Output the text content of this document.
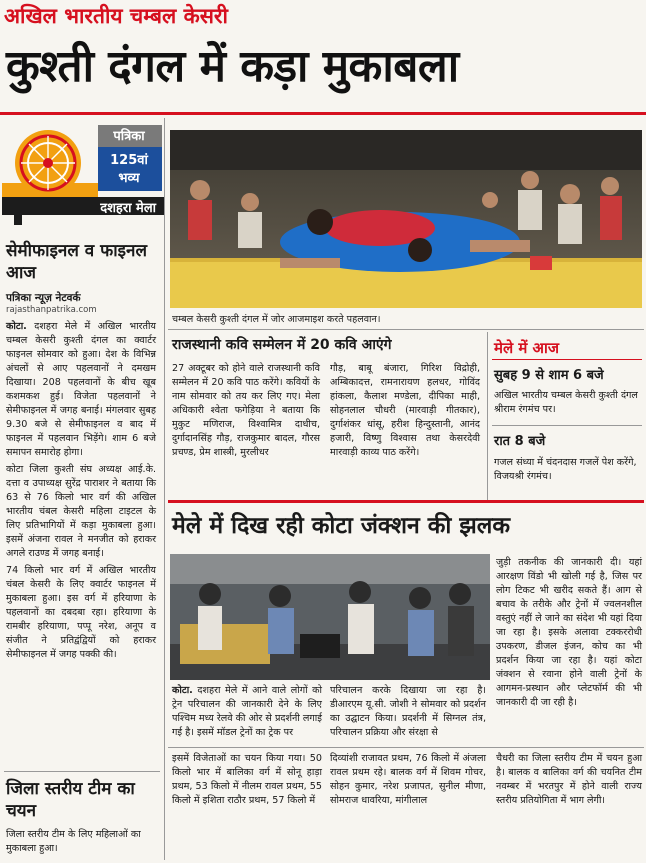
अखिल भारतीय चम्बल केसरी
कुश्ती दंगल में कड़ा मुकाबला
पत्रिका
125वां
भव्य
दशहरा मेला
सेमीफाइनल व फाइनल आज
पत्रिका न्यूज़ नेटवर्क
rajasthanpatrika.com

कोटा. दशहरा मेले में अखिल भारतीय चम्बल केसरी कुश्ती दंगल का क्वार्टर फाइनल सोमवार को हुआ। देश के विभिन्न अंचलों से आए पहलवानों ने दमखम दिखाया। 208 पहलवानों के बीच खूब कशमकश हुई। विजेता पहलवानों ने सेमीफाइनल में जगह बनाई। मंगलवार सुबह 9.30 बजे से सेमीफाइनल व बाद में फाइनल में पहलवान भिड़ेंगे। शाम 6 बजे समापन समारोह होगा।

कोटा जिला कुश्ती संघ अध्यक्ष आई.के. दत्ता व उपाध्यक्ष सुरेंद्र पाराशर ने बताया कि 63 से 76 किलो भार वर्ग की अखिल भारतीय चंबल केसरी महिला टाइटल के लिए प्रतिभागियों में कड़ा मुकाबला हुआ। इसमें अंजना रावल ने मनजीत को हराकर अगले राउण्ड में जगह बनाई।

74 किलो भार वर्ग में अखिल भारतीय चंबल केसरी के लिए क्वार्टर फाइनल में मुकाबला हुआ। इस वर्ग में हरियाणा के पहलवानों का दबदबा रहा। हरियाणा के रामबीर हरियाणा, पप्पू नरेश, अनूप व संजीत ने प्रतिद्वंद्वियों को हराकर सेमीफाइनल में जगह पक्की की।

जिला स्तरीय टीम का चयन
जिला स्तरीय टीम के लिए महिलाओं का मुकाबला हुआ।
चम्बल केसरी कुश्ती दंगल में जोर आजमाइश करते पहलवान।
राजस्थानी कवि सम्मेलन में 20 कवि आएंगे

27 अक्टूबर को होने वाले राजस्थानी कवि सम्मेलन में 20 कवि पाठ करेंगे। कवियों के नाम सोमवार को तय कर लिए गए। मेला अधिकारी श्वेता फगेड़िया ने बताया कि मुकुट मणिराज, विश्वामित्र दाधीच, दुर्गादानसिंह गौड़, राजकुमार बादल, गौरस प्रचण्ड, प्रेम शास्त्री, मुरलीधर

गौड़, बाबू बंजारा, गिरिश विद्रोही, अम्बिकादत्त, रामनारायण हलधर, गोविंद हांकला, कैलाश मण्डेला, दीपिका माही, सोहनलाल चौधरी (मारवाड़ी गीतकार), दुर्गाशंकर धांसू, हरीश हिन्दुस्तानी, आनंद हजारी, विष्णु विश्वास तथा केसरदेवी मारवाड़ी काव्य पाठ करेंगे।

मेले में आज
सुबह 9 से शाम 6 बजे

अखिल भारतीय चम्बल केसरी कुश्ती दंगल श्रीराम रंगमंच पर।

रात 8 बजे

गजल संध्या में चंदनदास गजलें पेश करेंगे, विजयश्री रंगमंच।

मेले में दिख रही कोटा जंक्शन की झलक

कोटा. दशहरा मेले में आने वाले लोगों को ट्रेन परिचालन की जानकारी देने के लिए पश्चिम मध्य रेलवे की ओर से प्रदर्शनी लगाई गई है। इसमें मॉडल ट्रेनों का ट्रेक पर

परिचालन करके दिखाया जा रहा है। डीआरएम यू.सी. जोशी ने सोमवार को प्रदर्शन का उद्घाटन किया। प्रदर्शनी में सिग्नल तंत्र, परिचालन प्रक्रिया और संरक्षा से

जुड़ी तकनीक की जानकारी दी। यहां आरक्षण विंडो भी खोली गई है, जिस पर लोग टिकट भी खरीद सकते हैं। आग से बचाव के तरीके और ट्रेनों में ज्वलनशील वस्तुएं नहीं ले जाने का संदेश भी यहां दिया जा रहा है। इसके अलावा टक्कररोधी उपकरण, डीजल इंजन, कोच का भी प्रदर्शन किया जा रहा है। यहां कोटा जंक्शन से रवाना होने वाली ट्रेनों के आगमन-प्रस्थान और प्लेटफॉर्म की भी जानकारी दी जा रही है।

इसमें विजेताओं का चयन किया गया। 50 किलो भार में बालिका वर्ग में सोनू हाड़ा प्रथम, 53 किलो में नीलम रावल प्रथम, 55 किलो में इशिता राठौर प्रथम, 57 किलो में

दिव्यांशी राजावत प्रथम, 76 किलो में अंजला रावल प्रथम रहे। बालक वर्ग में शिवम गोचर, सोहन कुमार, नरेश प्रजापत, सुनील मीणा, सोमराज धावरिया, मांगीलाल

चैधरी का जिला स्तरीय टीम में चयन हुआ है। बालक व बालिका वर्ग की चयनित टीम नवम्बर में भरतपुर में होने वाली राज्य स्तरीय प्रतियोगिता में भाग लेगी।
